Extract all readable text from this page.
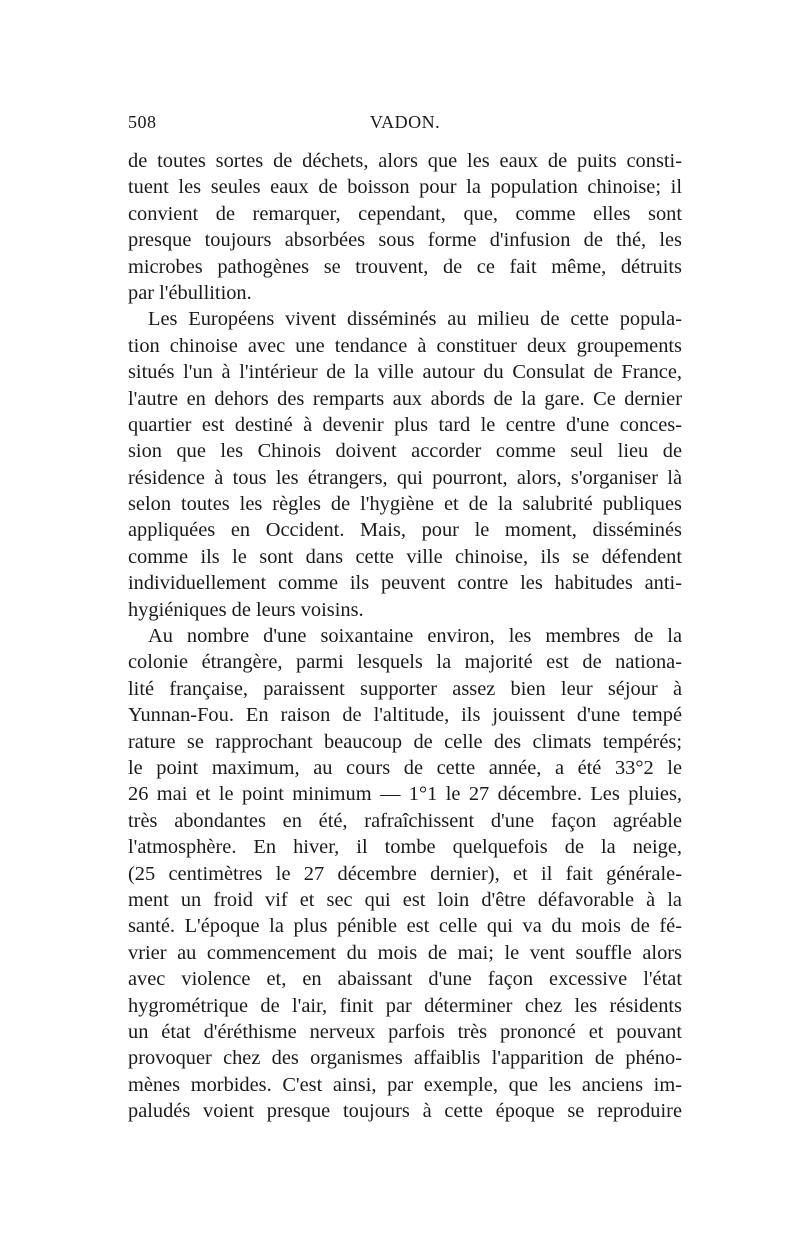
508	VADON.
de toutes sortes de déchets, alors que les eaux de puits consti-
tuent les seules eaux de boisson pour la population chinoise; il
convient de remarquer, cependant, que, comme elles sont
presque toujours absorbées sous forme d'infusion de thé, les
microbes pathogènes se trouvent, de ce fait même, détruits
par l'ébullition.
Les Européens vivent disséminés au milieu de cette popula-
tion chinoise avec une tendance à constituer deux groupements
situés l'un à l'intérieur de la ville autour du Consulat de France,
l'autre en dehors des remparts aux abords de la gare. Ce dernier
quartier est destiné à devenir plus tard le centre d'une conces-
sion que les Chinois doivent accorder comme seul lieu de
résidence à tous les étrangers, qui pourront, alors, s'organiser là
selon toutes les règles de l'hygiène et de la salubrité publiques
appliquées en Occident. Mais, pour le moment, disséminés
comme ils le sont dans cette ville chinoise, ils se défendent
individuellement comme ils peuvent contre les habitudes anti-
hygiéniques de leurs voisins.
Au nombre d'une soixantaine environ, les membres de la
colonie étrangère, parmi lesquels la majorité est de nationa-
lité française, paraissent supporter assez bien leur séjour à
Yunnan-Fou. En raison de l'altitude, ils jouissent d'une tempé
rature se rapprochant beaucoup de celle des climats tempérés;
le point maximum, au cours de cette année, a été 33°2 le
26 mai et le point minimum — 1°1 le 27 décembre. Les pluies,
très abondantes en été, rafraîchissent d'une façon agréable
l'atmosphère. En hiver, il tombe quelquefois de la neige,
(25 centimètres le 27 décembre dernier), et il fait générale-
ment un froid vif et sec qui est loin d'être défavorable à la
santé. L'époque la plus pénible est celle qui va du mois de fé-
vrier au commencement du mois de mai; le vent souffle alors
avec violence et, en abaissant d'une façon excessive l'état
hygrométrique de l'air, finit par déterminer chez les résidents
un état d'éréthisme nerveux parfois très prononcé et pouvant
provoquer chez des organismes affaiblis l'apparition de phéno-
mènes morbides. C'est ainsi, par exemple, que les anciens im-
paludés voient presque toujours à cette époque se reproduire
